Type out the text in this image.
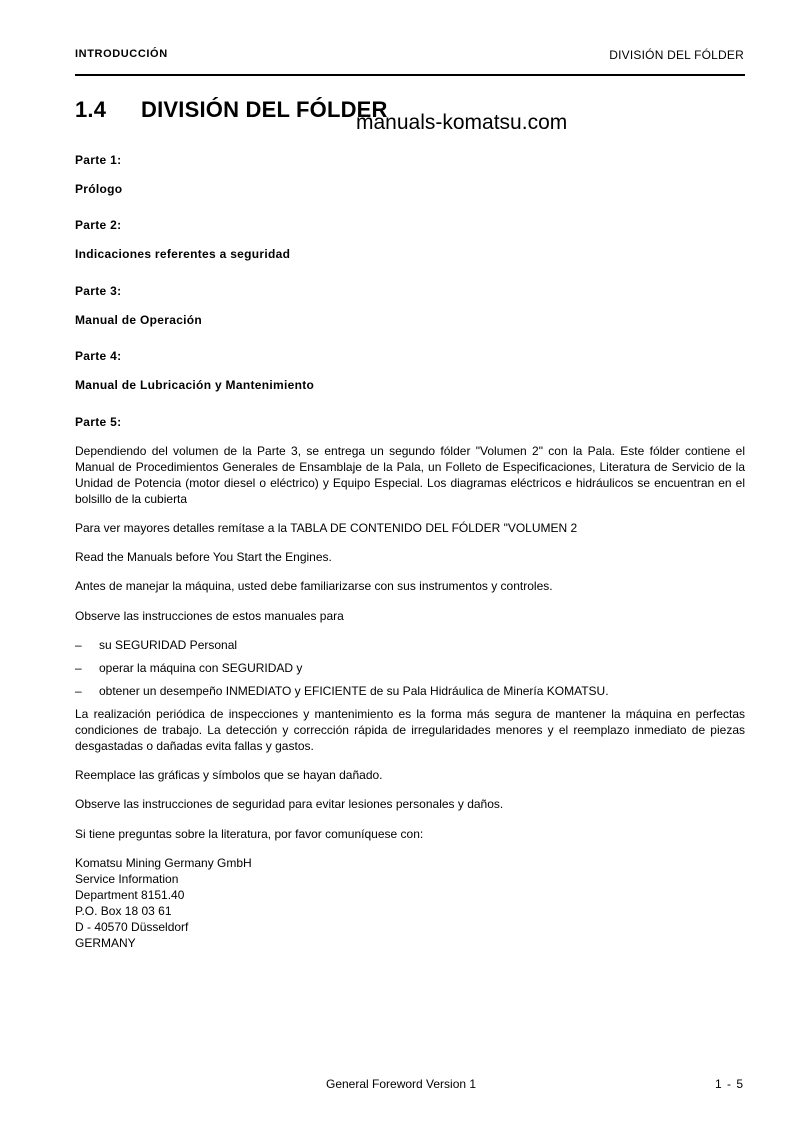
INTRODUCCIÓN	DIVISIÓN DEL FÓLDER
1.4 DIVISIÓN DEL FÓLDER
manuals-komatsu.com
Parte 1:
Prólogo
Parte 2:
Indicaciones referentes a seguridad
Parte 3:
Manual de Operación
Parte 4:
Manual de Lubricación y Mantenimiento
Parte 5:
Dependiendo del volumen de la Parte 3, se entrega un segundo fólder "Volumen 2" con la Pala. Este fólder contiene el Manual de Procedimientos Generales de Ensamblaje de la Pala, un Folleto de Especificaciones, Literatura de Servicio de la Unidad de Potencia (motor diesel o eléctrico) y Equipo Especial. Los diagramas eléctricos e hidráulicos se encuentran en el bolsillo de la cubierta
Para ver mayores detalles remítase a la TABLA DE CONTENIDO DEL FÓLDER "VOLUMEN 2
Read the Manuals before You Start the Engines.
Antes de manejar la máquina, usted debe familiarizarse con sus instrumentos y controles.
Observe las instrucciones de estos manuales para
– su SEGURIDAD Personal
– operar la máquina con SEGURIDAD y
– obtener un desempeño INMEDIATO y EFICIENTE de su Pala Hidráulica de Minería KOMATSU.
La realización periódica de inspecciones y mantenimiento es la forma más segura de mantener la máquina en perfectas condiciones de trabajo. La detección y corrección rápida de irregularidades menores y el reemplazo inmediato de piezas desgastadas o dañadas evita fallas y gastos.
Reemplace las gráficas y símbolos que se hayan dañado.
Observe las instrucciones de seguridad para evitar lesiones personales y daños.
Si tiene preguntas sobre la literatura, por favor comuníquese con:
Komatsu Mining Germany GmbH
Service Information
Department 8151.40
P.O. Box 18 03 61
D - 40570 Düsseldorf
GERMANY
General Foreword Version 1	1 - 5
